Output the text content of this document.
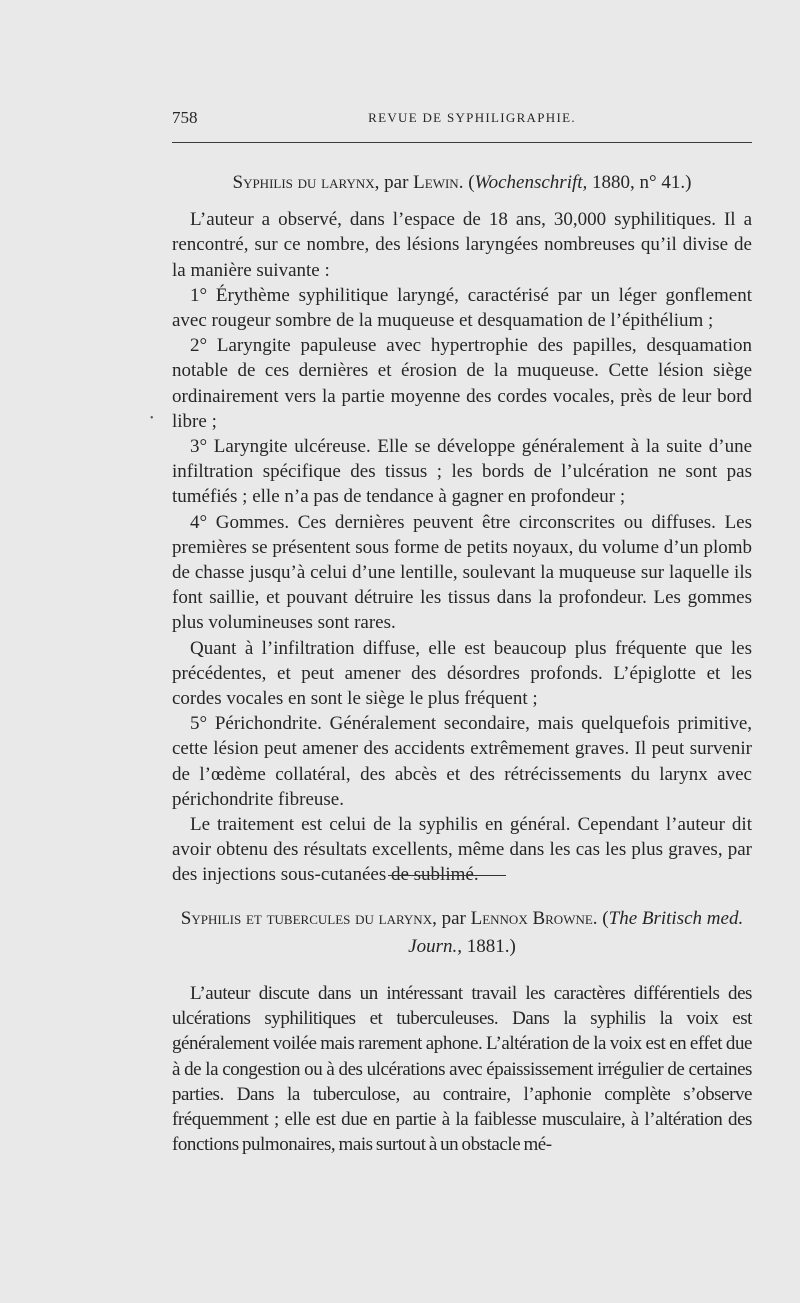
758	REVUE DE SYPHILIGRAPHIE.
•
Syphilis du larynx, par Lewin. (Wochenschrift, 1880, n° 41.)

L’auteur a observé, dans l’espace de 18 ans, 30,000 syphilitiques. Il a rencontré, sur ce nombre, des lésions laryngées nombreuses qu’il divise de la manière suivante :

1° Érythème syphilitique laryngé, caractérisé par un léger gonflement avec rougeur sombre de la muqueuse et desquamation de l’épithélium ;

2° Laryngite papuleuse avec hypertrophie des papilles, desquamation notable de ces dernières et érosion de la muqueuse. Cette lésion siège ordinairement vers la partie moyenne des cordes vocales, près de leur bord libre ;

3° Laryngite ulcéreuse. Elle se développe généralement à la suite d’une infiltration spécifique des tissus ; les bords de l’ulcération ne sont pas tuméfiés ; elle n’a pas de tendance à gagner en profondeur ;

4° Gommes. Ces dernières peuvent être circonscrites ou diffuses. Les premières se présentent sous forme de petits noyaux, du volume d’un plomb de chasse jusqu’à celui d’une lentille, soulevant la muqueuse sur laquelle ils font saillie, et pouvant détruire les tissus dans la profondeur. Les gommes plus volumineuses sont rares.

Quant à l’infiltration diffuse, elle est beaucoup plus fréquente que les précédentes, et peut amener des désordres profonds. L’épiglotte et les cordes vocales en sont le siège le plus fréquent ;

5° Périchondrite. Généralement secondaire, mais quelquefois primitive, cette lésion peut amener des accidents extrêmement graves. Il peut survenir de l’œdème collatéral, des abcès et des rétrécissements du larynx avec périchondrite fibreuse.

Le traitement est celui de la syphilis en général. Cependant l’auteur dit avoir obtenu des résultats excellents, même dans les cas les plus graves, par des injections sous-cutanées de sublimé.

Syphilis et tubercules du larynx, par Lennox Browne. (The Britisch med. Journ., 1881.)

L’auteur discute dans un intéressant travail les caractères différentiels des ulcérations syphilitiques et tuberculeuses. Dans la syphilis la voix est généralement voilée mais rarement aphone. L’altération de la voix est en effet due à de la congestion ou à des ulcérations avec épaississement irrégulier de certaines parties. Dans la tuberculose, au contraire, l’aphonie complète s’observe fréquemment ; elle est due en partie à la faiblesse musculaire, à l’altération des fonctions pulmonaires, mais surtout à un obstacle mé-
